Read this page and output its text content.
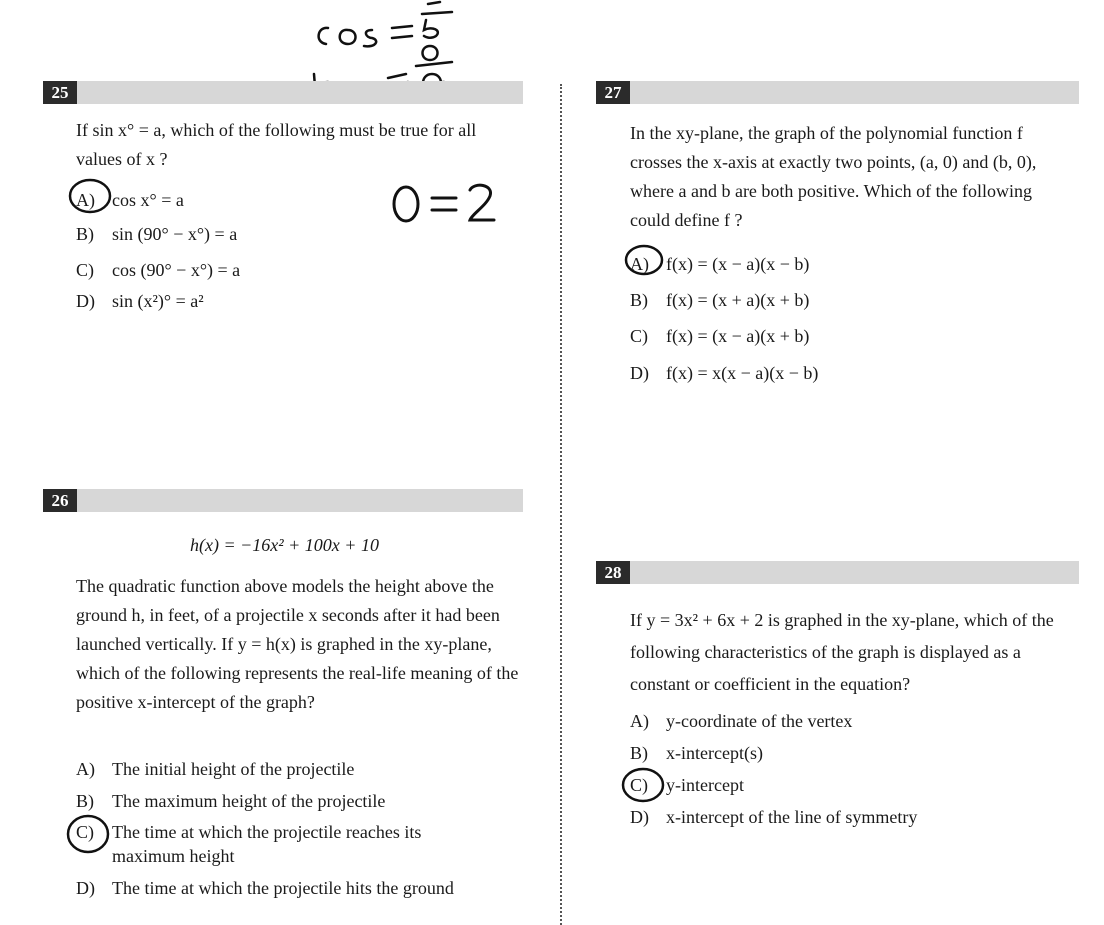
25
If sin x° = a, which of the following must be true for all values of x ?
A) cos x° = a
B) sin (90° − x°) = a
C) cos (90° − x°) = a
D) sin (x²)° = a²
26
h(x) = −16x² + 100x + 10
The quadratic function above models the height above the ground h, in feet, of a projectile x seconds after it had been launched vertically. If y = h(x) is graphed in the xy-plane, which of the following represents the real-life meaning of the positive x-intercept of the graph?
A) The initial height of the projectile
B) The maximum height of the projectile
C)	The time at which the projectile reaches its maximum height
D) The time at which the projectile hits the ground
27
In the xy-plane, the graph of the polynomial function f crosses the x-axis at exactly two points, (a, 0) and (b, 0), where a and b are both positive. Which of the following could define f ?
A) f(x) = (x − a)(x − b)
B) f(x) = (x + a)(x + b)
C) f(x) = (x − a)(x + b)
D) f(x) = x(x − a)(x − b)
28
If y = 3x² + 6x + 2 is graphed in the xy-plane, which of the following characteristics of the graph is displayed as a constant or coefficient in the equation?
A) y-coordinate of the vertex
B) x-intercept(s)
C) y-intercept
D) x-intercept of the line of symmetry
